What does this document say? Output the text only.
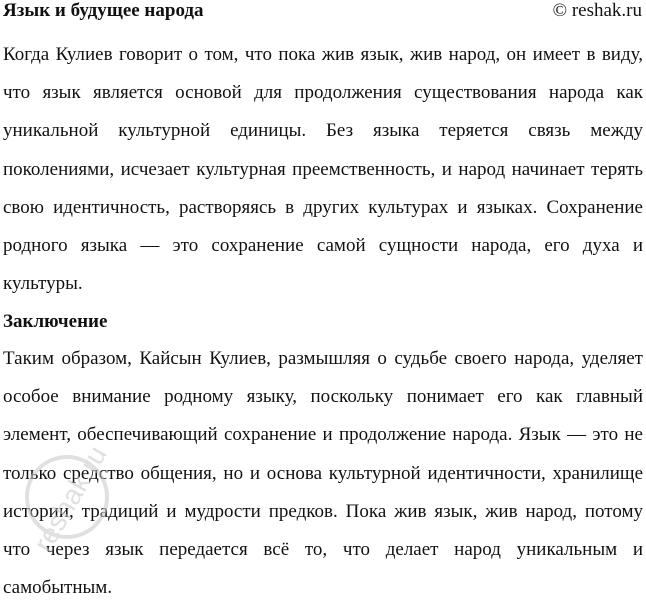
Язык и будущее народа	© reshak.ru

Когда Кулиев говорит о том, что пока жив язык, жив народ, он имеет в виду, что язык является основой для продолжения существования народа как уникальной культурной единицы. Без языка теряется связь между поколениями, исчезает культурная преемственность, и народ начинает терять свою идентичность, растворяясь в других культурах и языках. Сохранение родного языка — это сохранение самой сущности народа, его духа и культуры.

Заключение

Таким образом, Кайсын Кулиев, размышляя о судьбе своего народа, уделяет особое внимание родному языку, поскольку понимает его как главный элемент, обеспечивающий сохранение и продолжение народа. Язык — это не только средство общения, но и основа культурной идентичности, хранилище истории, традиций и мудрости предков. Пока жив язык, жив народ, потому что через язык передается всё то, что делает народ уникальным и самобытным.

reshak.ru
